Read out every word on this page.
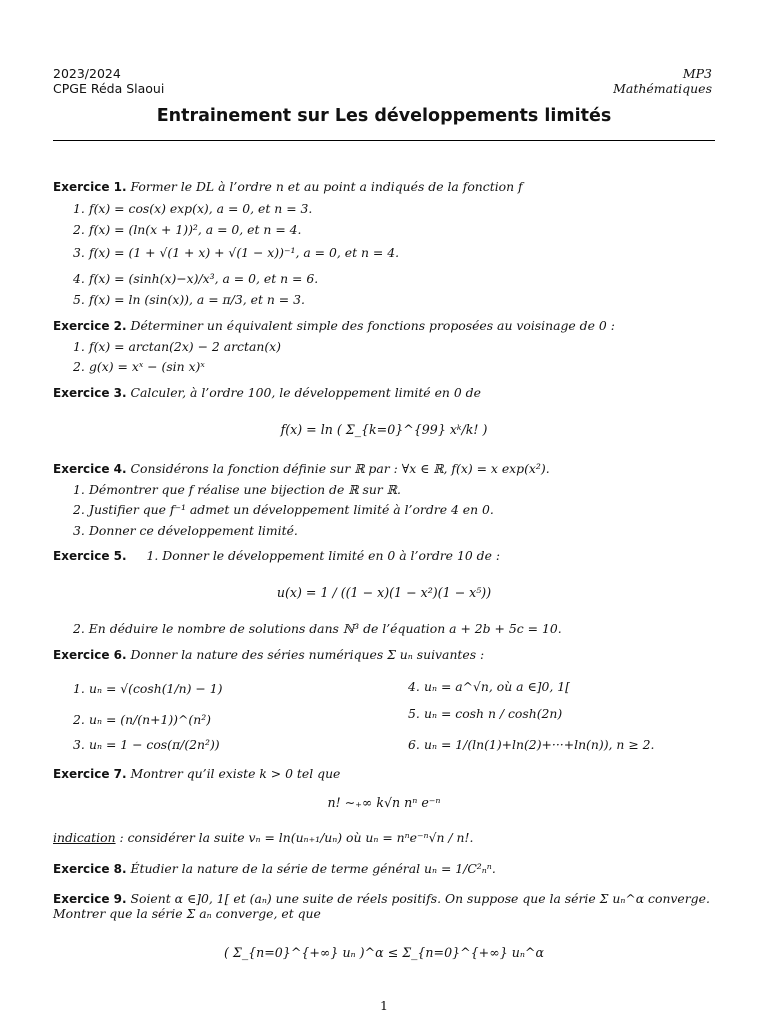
2023/2024
CPGE Réda Slaoui
MP3
Mathématiques
Entrainement sur Les développements limités
Exercice 1. Former le DL à l’ordre n et au point a indiqués de la fonction f
1. f(x) = cos(x) exp(x), a = 0, et n = 3.
2. f(x) = (ln(x + 1))², a = 0, et n = 4.
3. f(x) = (1 + √(1 + x) + √(1 − x))⁻¹, a = 0, et n = 4.
4. f(x) = (sinh(x)−x)/x³, a = 0, et n = 6.
5. f(x) = ln (sin(x)), a = π/3, et n = 3.
Exercice 2. Déterminer un équivalent simple des fonctions proposées au voisinage de 0 :
1. f(x) = arctan(2x) − 2 arctan(x)
2. g(x) = xˣ − (sin x)ˣ
Exercice 3. Calculer, à l’ordre 100, le développement limité en 0 de
f(x) = ln ( Σ_{k=0}^{99} xᵏ/k! )
Exercice 4. Considérons la fonction définie sur ℝ par : ∀x ∈ ℝ, f(x) = x exp(x²).
1. Démontrer que f réalise une bijection de ℝ sur ℝ.
2. Justifier que f⁻¹ admet un développement limité à l’ordre 4 en 0.
3. Donner ce développement limité.
Exercice 5. 1. Donner le développement limité en 0 à l’ordre 10 de :
u(x) = 1 / ((1 − x)(1 − x²)(1 − x⁵))
2. En déduire le nombre de solutions dans ℕ³ de l’équation a + 2b + 5c = 10.
Exercice 6. Donner la nature des séries numériques Σ uₙ suivantes :
1. uₙ = √(cosh(1/n) − 1)
2. uₙ = (n/(n+1))^(n²)
3. uₙ = 1 − cos(π/(2n²))
4. uₙ = a^√n, où a ∈]0, 1[
5. uₙ = cosh n / cosh(2n)
6. uₙ = 1/(ln(1)+ln(2)+···+ln(n)), n ≥ 2.
Exercice 7. Montrer qu’il existe k > 0 tel que
n! ∼₊∞ k√n nⁿ e⁻ⁿ
indication : considérer la suite vₙ = ln(uₙ₊₁/uₙ) où uₙ = nⁿe⁻ⁿ√n / n!.
Exercice 8. Étudier la nature de la série de terme général uₙ = 1/C²ₙⁿ.
Exercice 9. Soient α ∈]0, 1[ et (aₙ) une suite de réels positifs. On suppose que la série Σ uₙ^α converge.
Montrer que la série Σ aₙ converge, et que
( Σ_{n=0}^{+∞} uₙ )^α ≤ Σ_{n=0}^{+∞} uₙ^α
1
